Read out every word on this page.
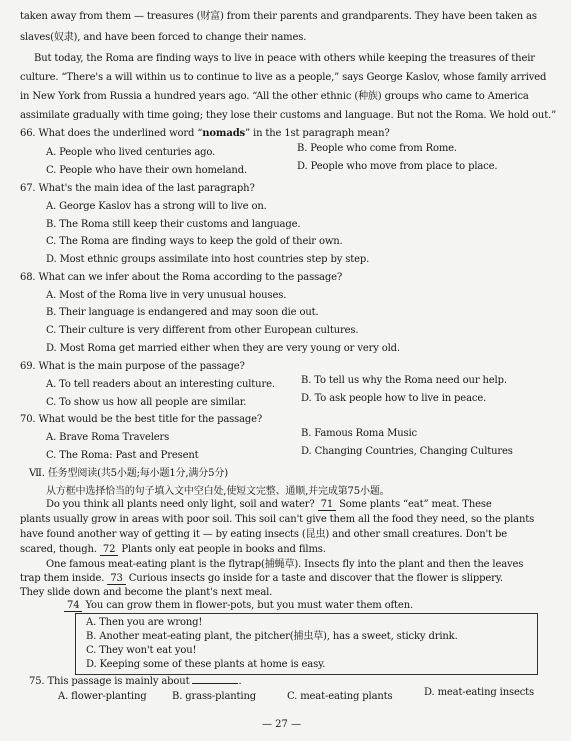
taken away from them — treasures (财富) from their parents and grandparents. They have been taken as
slaves(奴隶), and have been forced to change their names.
But today, the Roma are finding ways to live in peace with others while keeping the treasures of their
culture. “There's a will within us to continue to live as a people,” says George Kaslov, whose family arrived
in New York from Russia a hundred years ago. “All the other ethnic (种族) groups who came to America
assimilate gradually with time going; they lose their customs and language. But not the Roma. We hold out.”
66. What does the underlined word “nomads” in the 1st paragraph mean?
A. People who lived centuries ago.	B. People who come from Rome.
C. People who have their own homeland.	D. People who move from place to place.
67. What's the main idea of the last paragraph?
A. George Kaslov has a strong will to live on.
B. The Roma still keep their customs and language.
C. The Roma are finding ways to keep the gold of their own.
D. Most ethnic groups assimilate into host countries step by step.
68. What can we infer about the Roma according to the passage?
A. Most of the Roma live in very unusual houses.
B. Their language is endangered and may soon die out.
C. Their culture is very different from other European cultures.
D. Most Roma get married either when they are very young or very old.
69. What is the main purpose of the passage?
A. To tell readers about an interesting culture.	B. To tell us why the Roma need our help.
C. To show us how all people are similar.	D. To ask people how to live in peace.
70. What would be the best title for the passage?
A. Brave Roma Travelers	B. Famous Roma Music
C. The Roma: Past and Present	D. Changing Countries, Changing Cultures
Ⅶ. 任务型阅读(共5小题;每小题1分,满分5分)
从方框中选择恰当的句子填入文中空白处,使短文完整、通顺,并完成第75小题。
Do you think all plants need only light, soil and water? 71 Some plants “eat” meat. These
plants usually grow in areas with poor soil. This soil can't give them all the food they need, so the plants
have found another way of getting it — by eating insects (昆虫) and other small creatures. Don't be
scared, though. 72 Plants only eat people in books and films.
One famous meat-eating plant is the flytrap(捕蝇草). Insects fly into the plant and then the leaves
A. Then you are wrong!
B. Another meat-eating plant, the pitcher(捕虫草), has a sweet, sticky drink.
C. They won't eat you!
D. Keeping some of these plants at home is easy.
75. This passage is mainly about	.
A. flower-planting	B. grass-planting	C. meat-eating plants	D. meat-eating insects
— 27 —
trap them inside. 73 Curious insects go inside for a taste and discover that the flower is slippery.
They slide down and become the plant's next meal.
74 You can grow them in flower-pots, but you must water them often.
